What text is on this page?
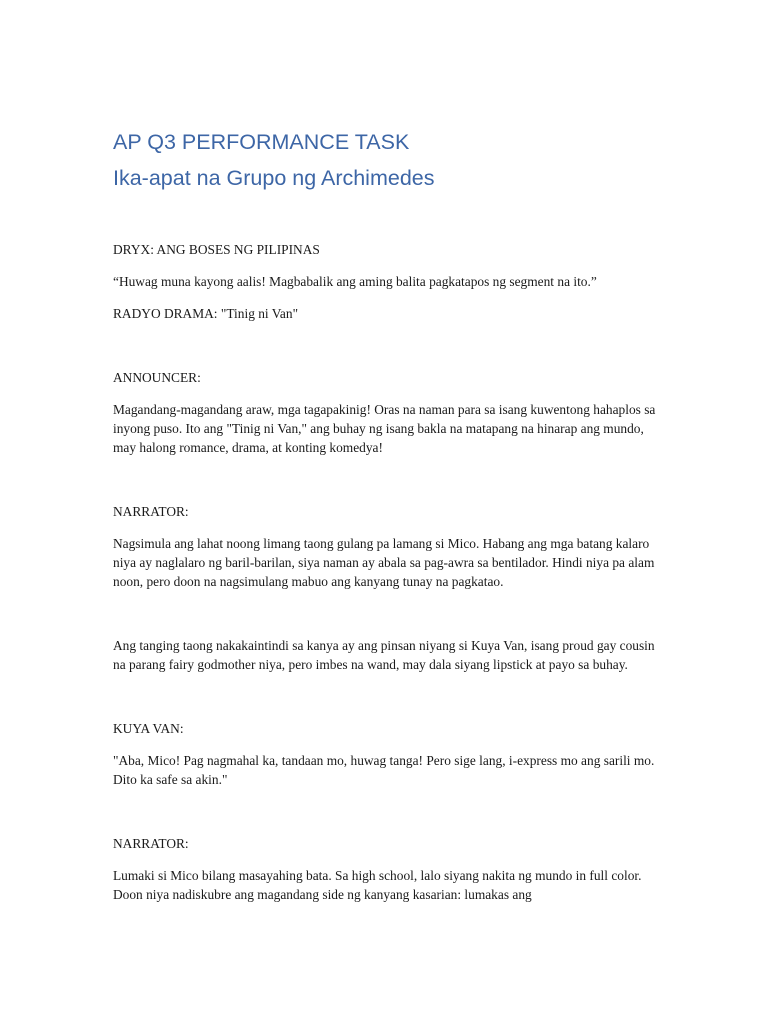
AP Q3 PERFORMANCE TASK
Ika-apat na Grupo ng Archimedes

DRYX: ANG BOSES NG PILIPINAS

“Huwag muna kayong aalis! Magbabalik ang aming balita pagkatapos ng segment na ito.”

RADYO DRAMA: "Tinig ni Van"

ANNOUNCER:

Magandang-magandang araw, mga tagapakinig! Oras na naman para sa isang kuwentong hahaplos sa inyong puso. Ito ang "Tinig ni Van," ang buhay ng isang bakla na matapang na hinarap ang mundo, may halong romance, drama, at konting komedya!

NARRATOR:

Nagsimula ang lahat noong limang taong gulang pa lamang si Mico. Habang ang mga batang kalaro niya ay naglalaro ng baril-barilan, siya naman ay abala sa pag-awra sa bentilador. Hindi niya pa alam noon, pero doon na nagsimulang mabuo ang kanyang tunay na pagkatao.

Ang tanging taong nakakaintindi sa kanya ay ang pinsan niyang si Kuya Van, isang proud gay cousin na parang fairy godmother niya, pero imbes na wand, may dala siyang lipstick at payo sa buhay.

KUYA VAN:

"Aba, Mico! Pag nagmahal ka, tandaan mo, huwag tanga! Pero sige lang, i-express mo ang sarili mo. Dito ka safe sa akin."

NARRATOR:

Lumaki si Mico bilang masayahing bata. Sa high school, lalo siyang nakita ng mundo in full color. Doon niya nadiskubre ang magandang side ng kanyang kasarian: lumakas ang
